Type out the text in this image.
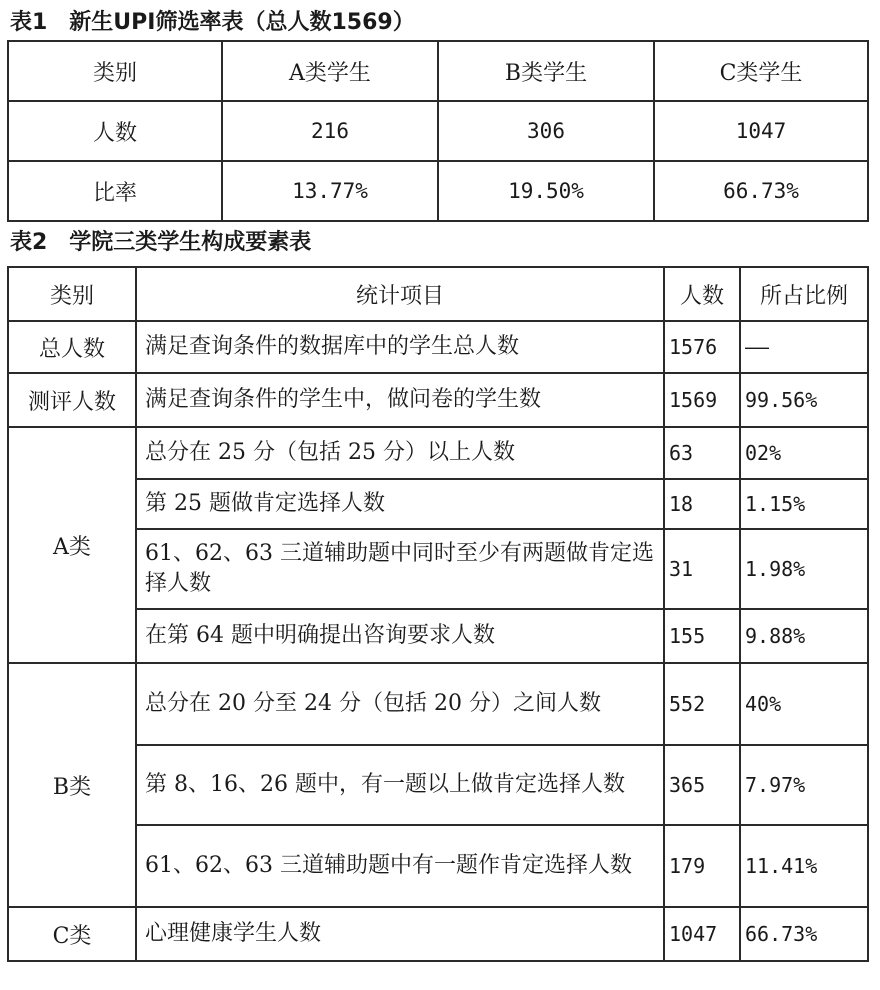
表1　新生UPI筛选率表（总人数1569）
类别	A类学生	B类学生	C类学生
人数	216	306	1047
比率	13.77%	19.50%	66.73%
表2　学院三类学生构成要素表
类别	统计项目	人数	所占比例
总人数	满足查询条件的数据库中的学生总人数	1576	——
测评人数	满足查询条件的学生中，做问卷的学生数	1569	99.56%
A类	总分在 25 分（包括 25 分）以上人数	63	02%
	第 25 题做肯定选择人数	18	1.15%
	61、62、63 三道辅助题中同时至少有两题做肯定选择人数	31	1.98%
	在第 64 题中明确提出咨询要求人数	155	9.88%
B类	总分在 20 分至 24 分（包括 20 分）之间人数	552	40%
	第 8、16、26 题中，有一题以上做肯定选择人数	365	7.97%
	61、62、63 三道辅助题中有一题作肯定选择人数	179	11.41%
C类	心理健康学生人数	1047	66.73%
